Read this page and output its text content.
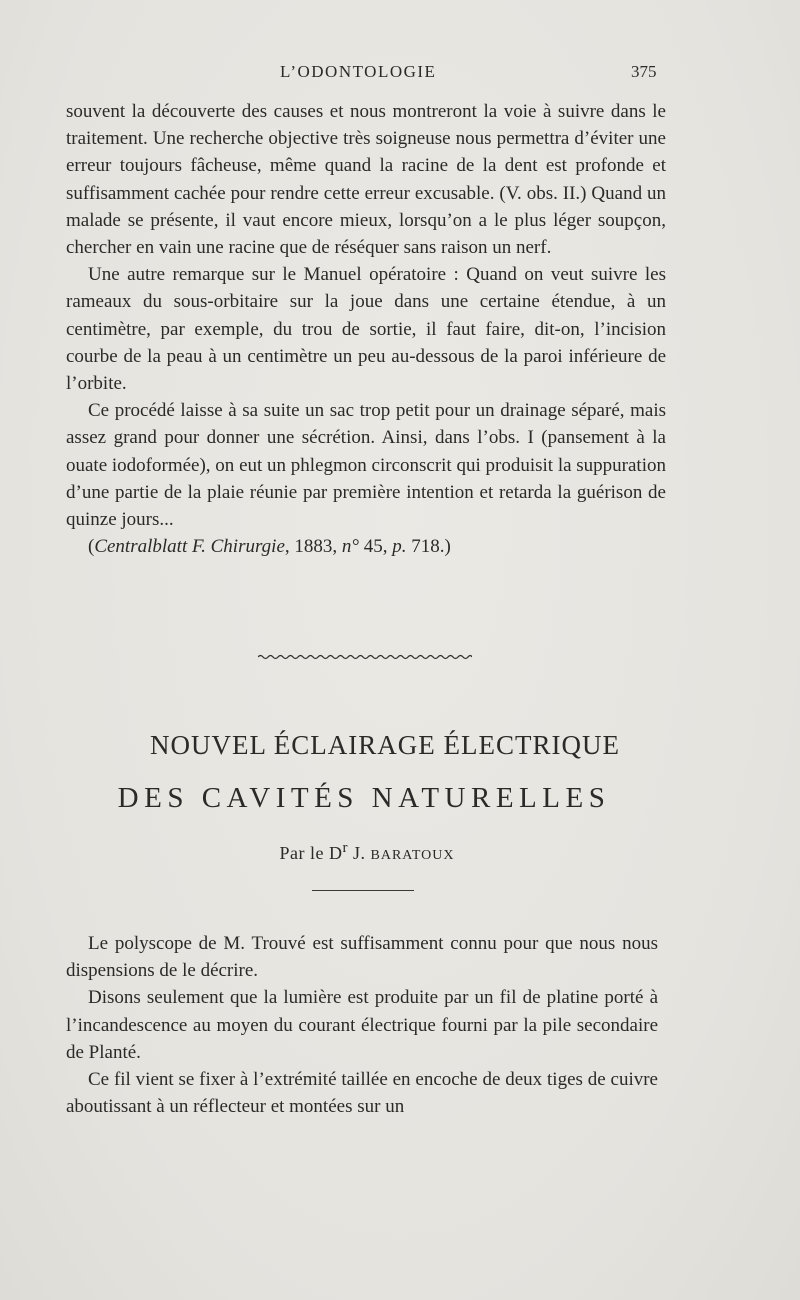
L’ODONTOLOGIE	375

souvent la découverte des causes et nous montreront la voie à suivre dans le traitement. Une recherche objective très soigneuse nous permettra d’éviter une erreur toujours fâcheuse, même quand la racine de la dent est profonde et suffisamment cachée pour rendre cette erreur excusable. (V. obs. II.) Quand un malade se présente, il vaut encore mieux, lorsqu’on a le plus léger soupçon, chercher en vain une racine que de réséquer sans raison un nerf.

Une autre remarque sur le Manuel opératoire : Quand on veut suivre les rameaux du sous-orbitaire sur la joue dans une certaine étendue, à un centimètre, par exemple, du trou de sortie, il faut faire, dit-on, l’incision courbe de la peau à un centimètre un peu au-dessous de la paroi inférieure de l’orbite.

Ce procédé laisse à sa suite un sac trop petit pour un drainage séparé, mais assez grand pour donner une sécrétion. Ainsi, dans l’obs. I (pansement à la ouate iodoformée), on eut un phlegmon circonscrit qui produisit la suppuration d’une partie de la plaie réunie par première intention et retarda la guérison de quinze jours...

(Centralblatt F. Chirurgie, 1883, n° 45, p. 718.)

NOUVEL ÉCLAIRAGE ÉLECTRIQUE
DES CAVITÉS NATURELLES
Par le $D^r$ J. BARATOUX

Le polyscope de M. Trouvé est suffisamment connu pour que nous nous dispensions de le décrire.

Disons seulement que la lumière est produite par un fil de platine porté à l’incandescence au moyen du courant électrique fourni par la pile secondaire de Planté.

Ce fil vient se fixer à l’extrémité taillée en encoche de deux tiges de cuivre aboutissant à un réflecteur et montées sur un
